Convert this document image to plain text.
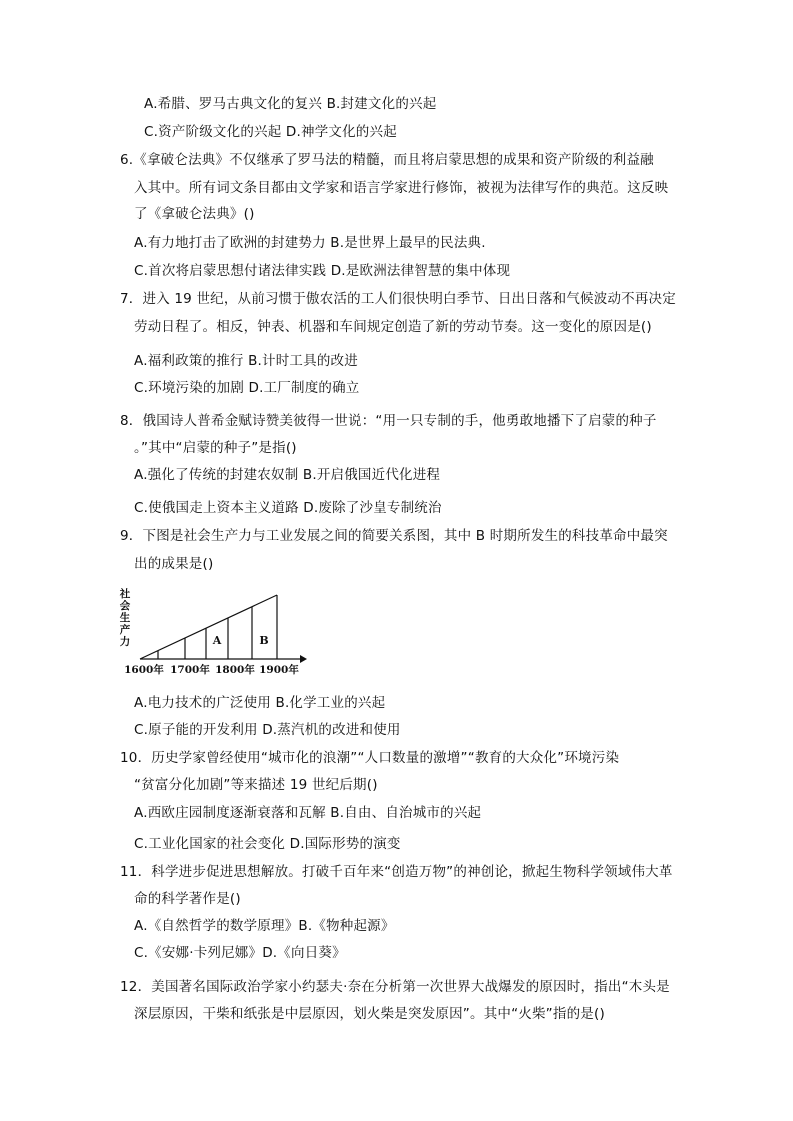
A.希腊、罗马古典文化的复兴 B.封建文化的兴起
C.资产阶级文化的兴起 D.神学文化的兴起
6.《拿破仑法典》不仅继承了罗马法的精髓，而且将启蒙思想的成果和资产阶级的利益融
入其中。所有词文条目都由文学家和语言学家进行修饰，被视为法律写作的典范。这反映
了《拿破仑法典》()
A.有力地打击了欧洲的封建势力 B.是世界上最早的民法典.
C.首次将启蒙思想付诸法律实践 D.是欧洲法律智慧的集中体现
7．进入 19 世纪，从前习惯于傲农活的工人们很快明白季节、日出日落和气候波动不再决定
劳动日程了。相反，钟表、机器和车间规定创造了新的劳动节奏。这一变化的原因是()
A.福利政策的推行 B.计时工具的改进
C.环境污染的加剧 D.工厂制度的确立
8．俄国诗人普希金赋诗赞美彼得一世说：“用一只专制的手，他勇敢地播下了启蒙的种子
。”其中“启蒙的种子”是指()
A.强化了传统的封建农奴制 B.开启俄国近代化进程
C.使俄国走上资本主义道路 D.废除了沙皇专制统治
9．下图是社会生产力与工业发展之间的简要关系图，其中 B 时期所发生的科技革命中最突
出的成果是()
社
会
生
产
力	A	B
1600年 1700年 1800年 1900年
A.电力技术的广泛使用 B.化学工业的兴起
C.原子能的开发利用 D.蒸汽机的改进和使用
10．历史学家曾经使用“城市化的浪潮”“人口数量的激增”“教育的大众化”环境污染
“贫富分化加剧”等来描述 19 世纪后期()
A.西欧庄园制度逐渐衰落和瓦解 B.自由、自治城市的兴起
C.工业化国家的社会变化 D.国际形势的演变
11．科学进步促进思想解放。打破千百年来“创造万物”的神创论，掀起生物科学领域伟大革
命的科学著作是()
A.《自然哲学的数学原理》B.《物种起源》
C.《安娜·卡列尼娜》D.《向日葵》
12．美国著名国际政治学家小约瑟夫·奈在分析第一次世界大战爆发的原因时，指出“木头是
深层原因，干柴和纸张是中层原因，划火柴是突发原因”。其中“火柴”指的是()
